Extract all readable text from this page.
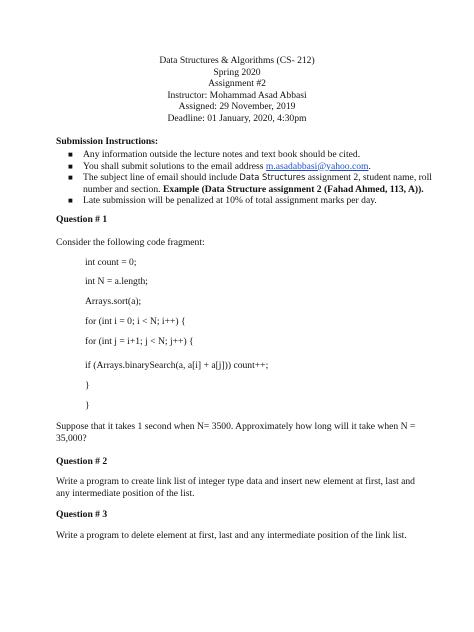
Data Structures & Algorithms (CS- 212)
Spring 2020
Assignment #2
Instructor: Mohammad Asad Abbasi
Assigned: 29 November, 2019
Deadline: 01 January, 2020, 4:30pm
Submission Instructions:
■ Any information outside the lecture notes and text book should be cited.
■ You shall submit solutions to the email address m.asadabbasi@yahoo.com.
■ The subject line of email should include Data Structures assignment 2, student name, roll number and section. Example (Data Structure assignment 2 (Fahad Ahmed, 113, A)).
■ Late submission will be penalized at 10% of total assignment marks per day.
Question # 1
Consider the following code fragment:
int count = 0;
int N = a.length;
Arrays.sort(a);
for (int i = 0; i < N; i++) {
for (int j = i+1; j < N; j++) {
if (Arrays.binarySearch(a, a[i] + a[j])) count++;
}
}
Suppose that it takes 1 second when N= 3500. Approximately how long will it take when N = 35,000?
Question # 2
Write a program to create link list of integer type data and insert new element at first, last and any intermediate position of the list.
Question # 3
Write a program to delete element at first, last and any intermediate position of the link list.
